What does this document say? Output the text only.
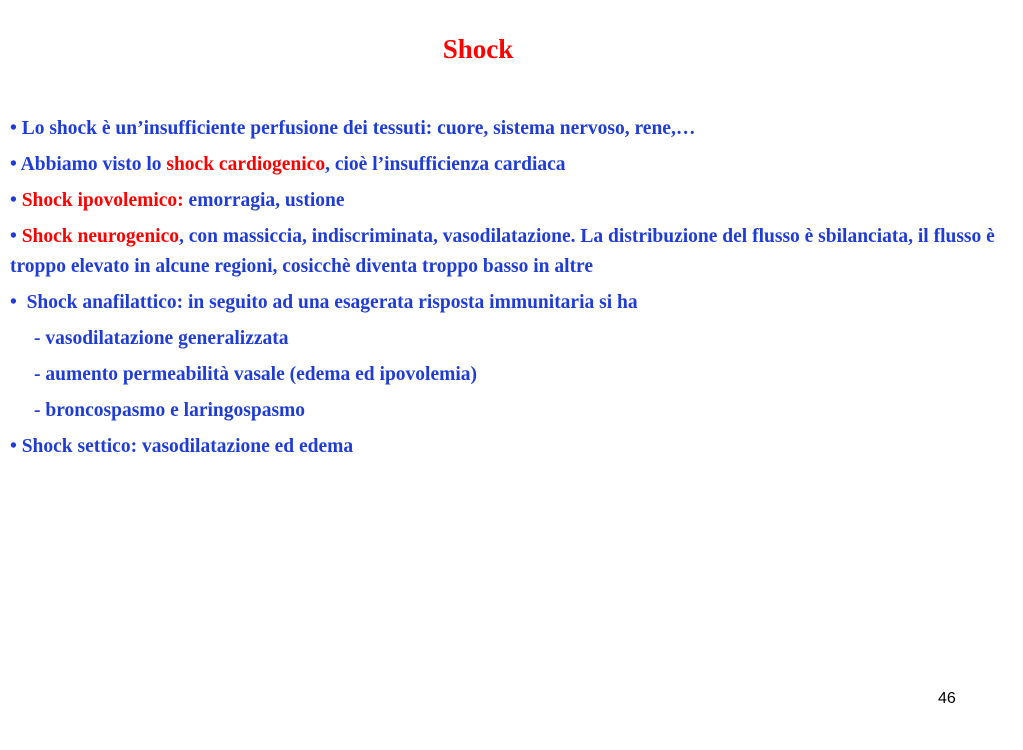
Shock
• Lo shock è un’insufficiente perfusione dei tessuti: cuore, sistema nervoso, rene,…
• Abbiamo visto lo shock cardiogenico, cioè l’insufficienza cardiaca
• Shock ipovolemico: emorragia, ustione
• Shock neurogenico, con massiccia, indiscriminata, vasodilatazione. La distribuzione del flusso è sbilanciata, il flusso è troppo elevato in alcune regioni, cosicchè diventa troppo basso in altre
• Shock anafilattico: in seguito ad una esagerata risposta immunitaria si ha
- vasodilatazione generalizzata
- aumento permeabilità vasale (edema ed ipovolemia)
- broncospasmo e laringospasmo
• Shock settico: vasodilatazione ed edema
46
